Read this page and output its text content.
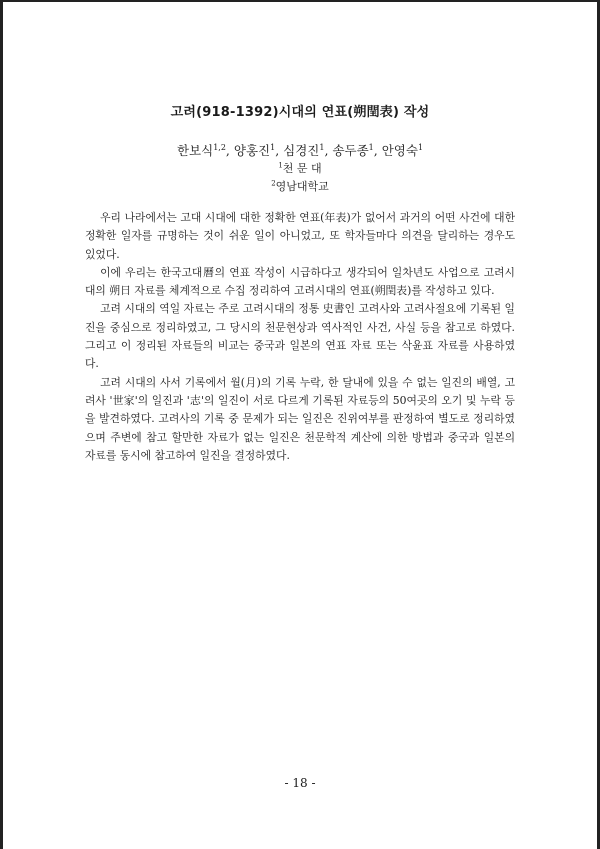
고려(918-1392)시대의 연표(朔閏表) 작성
한보식$^{1,2}$, 양홍진$^1$, 심경진$^1$, 송두종$^1$, 안영숙$^1$
$^1$천 문 대
$^2$영남대학교

우리 나라에서는 고대 시대에 대한 정확한 연표(年表)가 없어서 과거의 어떤 사건에 대한 정확한 일자를 규명하는 것이 쉬운 일이 아니었고, 또 학자들마다 의견을 달리하는 경우도 있었다.

이에 우리는 한국고대曆의 연표 작성이 시급하다고 생각되어 일차년도 사업으로 고려시대의 朔日 자료를 체계적으로 수집 정리하여 고려시대의 연표(朔閏表)를 작성하고 있다.

고려 시대의 역일 자료는 주로 고려시대의 정통 史書인 고려사와 고려사절요에 기록된 일진을 중심으로 정리하였고, 그 당시의 천문현상과 역사적인 사건, 사실 등을 참고로 하였다. 그리고 이 정리된 자료들의 비교는 중국과 일본의 연표 자료 또는 삭윤표 자료를 사용하였다.

고려 시대의 사서 기록에서 월(月)의 기록 누락, 한 달내에 있을 수 없는 일진의 배열, 고려사 '世家'의 일진과 '志'의 일진이 서로 다르게 기록된 자료등의 50여곳의 오기 및 누락 등을 발견하였다. 고려사의 기록 중 문제가 되는 일진은 진위여부를 판정하여 별도로 정리하였으며 주변에 참고 할만한 자료가 없는 일진은 천문학적 계산에 의한 방법과 중국과 일본의 자료를 동시에 참고하여 일진을 결정하였다.

- 18 -
